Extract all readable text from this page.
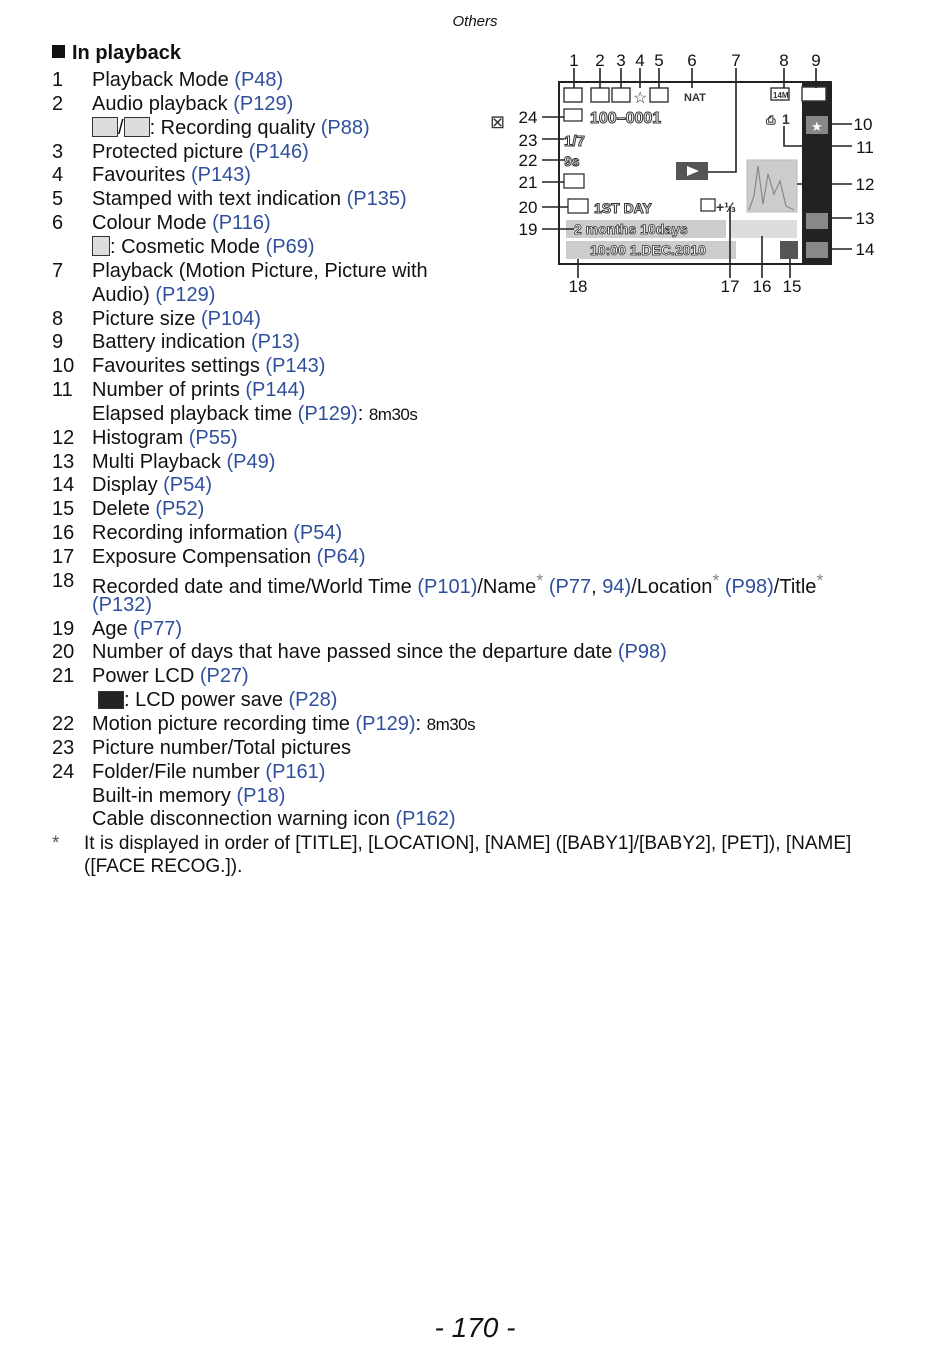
Others
In playback
1	Playback Mode (P48)
2	Audio playback (P129)
/ : Recording quality (P88)
3	Protected picture (P146)
4	Favourites (P143)
5	Stamped with text indication (P135)
6	Colour Mode (P116)
: Cosmetic Mode (P69)
7	Playback (Motion Picture, Picture with
Audio) (P129)
8	Picture size (P104)
9	Battery indication (P13)
10 Favourites settings (P143)
11 Number of prints (P144)
Elapsed playback time (P129): 8m30s
12 Histogram (P55)
13 Multi Playback (P49)
14 Display (P54)
15 Delete (P52)
16 Recording information (P54)
17 Exposure Compensation (P64)
18 Recorded date and time/World Time (P101)/Name* (P77, 94)/Location* (P98)/Title*
(P132)
19 Age (P77)
20 Number of days that have passed since the departure date (P98)
21 Power LCD (P27)
: LCD power save (P28)
22 Motion picture recording time (P129): 8m30s
23 Picture number/Total pictures
24 Folder/File number (P161)
Built-in memory (P18)
Cable disconnection warning icon (P162)
* It is displayed in order of [TITLE], [LOCATION], [NAME] ([BABY1]/[BABY2], [PET]), [NAME] ([FACE RECOG.]).
☆	NAT	14M
100–0001
1/7
9s
⎙ 1 ★
1ST DAY	+⅓
2 months 10days
10:00 1.DEC.2010
⊠
1 2 3 4 5 6 7 8 9
10
11
12
13
14
24
23
22
21
20
19
18	17 16 15
- 170 -
